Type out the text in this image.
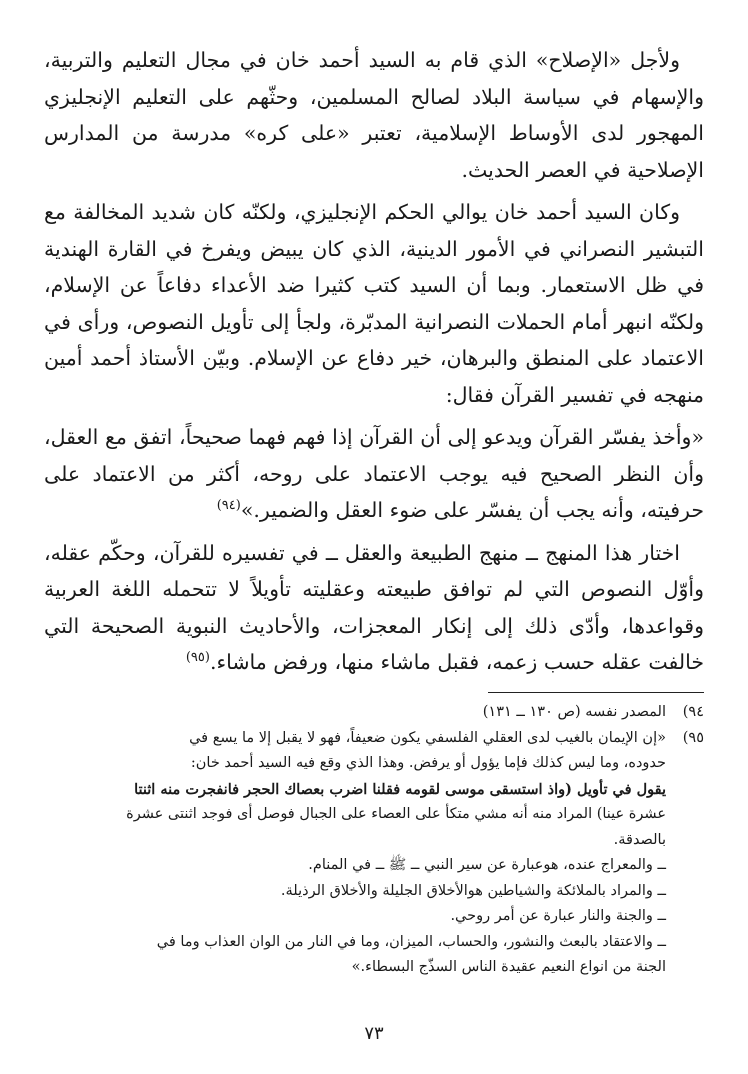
ولأجل «الإصلاح» الذي قام به السيد أحمد خان في مجال التعليم والتربية، والإسهام في سياسة البلاد لصالح المسلمين، وحثّهم على التعليم الإنجليزي المهجور لدى الأوساط الإسلامية، تعتبر «على كره» مدرسة من المدارس الإصلاحية في العصر الحديث.

وكان السيد أحمد خان يوالي الحكم الإنجليزي، ولكنّه كان شديد المخالفة مع التبشير النصراني في الأمور الدينية، الذي كان يبيض ويفرخ في القارة الهندية في ظل الاستعمار. وبما أن السيد كتب كثيرا ضد الأعداء دفاعاً عن الإسلام، ولكنّه انبهر أمام الحملات النصرانية المدبّرة، ولجأ إلى تأويل النصوص، ورأى في الاعتماد على المنطق والبرهان، خير دفاع عن الإسلام. وبيّن الأستاذ أحمد أمين منهجه في تفسير القرآن فقال:

«وأخذ يفسّر القرآن ويدعو إلى أن القرآن إذا فهم فهما صحيحاً، اتفق مع العقل، وأن النظر الصحيح فيه يوجب الاعتماد على روحه، أكثر من الاعتماد على حرفيته، وأنه يجب أن يفسّر على ضوء العقل والضمير.»$^{(٩٤)}$

اختار هذا المنهج ــ منهج الطبيعة والعقل ــ في تفسيره للقرآن، وحكّم عقله، وأوّل النصوص التي لم توافق طبيعته وعقليته تأويلاً لا تتحمله اللغة العربية وقواعدها، وأدّى ذلك إلى إنكار المعجزات، والأحاديث النبوية الصحيحة التي خالفت عقله حسب زعمه، فقبل ماشاء منها، ورفض ماشاء.$^{(٩٥)}$

٩٤)
المصدر نفسه (ص ١٣٠ ــ ١٣١)
٩٥)
«إن الإيمان بالغيب لدى العقلي الفلسفي يكون ضعيفاً، فهو لا يقبل إلا ما يسع في
حدوده، وما ليس كذلك فإما يؤول أو يرفض. وهذا الذي وقع فيه السيد أحمد خان:
يقول في تأويل (واذ استسقى موسى لقومه فقلنا اضرب بعصاك الحجر فانفجرت منه اثنتا
عشرة عينا) المراد منه أنه مشي متكأ على العصاء على الجبال فوصل أى فوجد اثنتى عشرة
بالصدقة.
ــ والمعراج عنده، هوعبارة عن سير النبي ــ ﷺ ــ في المنام.
ــ والمراد بالملائكة والشياطين هوالأخلاق الجليلة والأخلاق الرذيلة.
ــ والجنة والنار عبارة عن أمر روحي.
ــ والاعتقاد بالبعث والنشور، والحساب، الميزان، وما في النار من الوان العذاب وما في
الجنة من انواع النعيم عقيدة الناس السذّج البسطاء.»
٧٣
